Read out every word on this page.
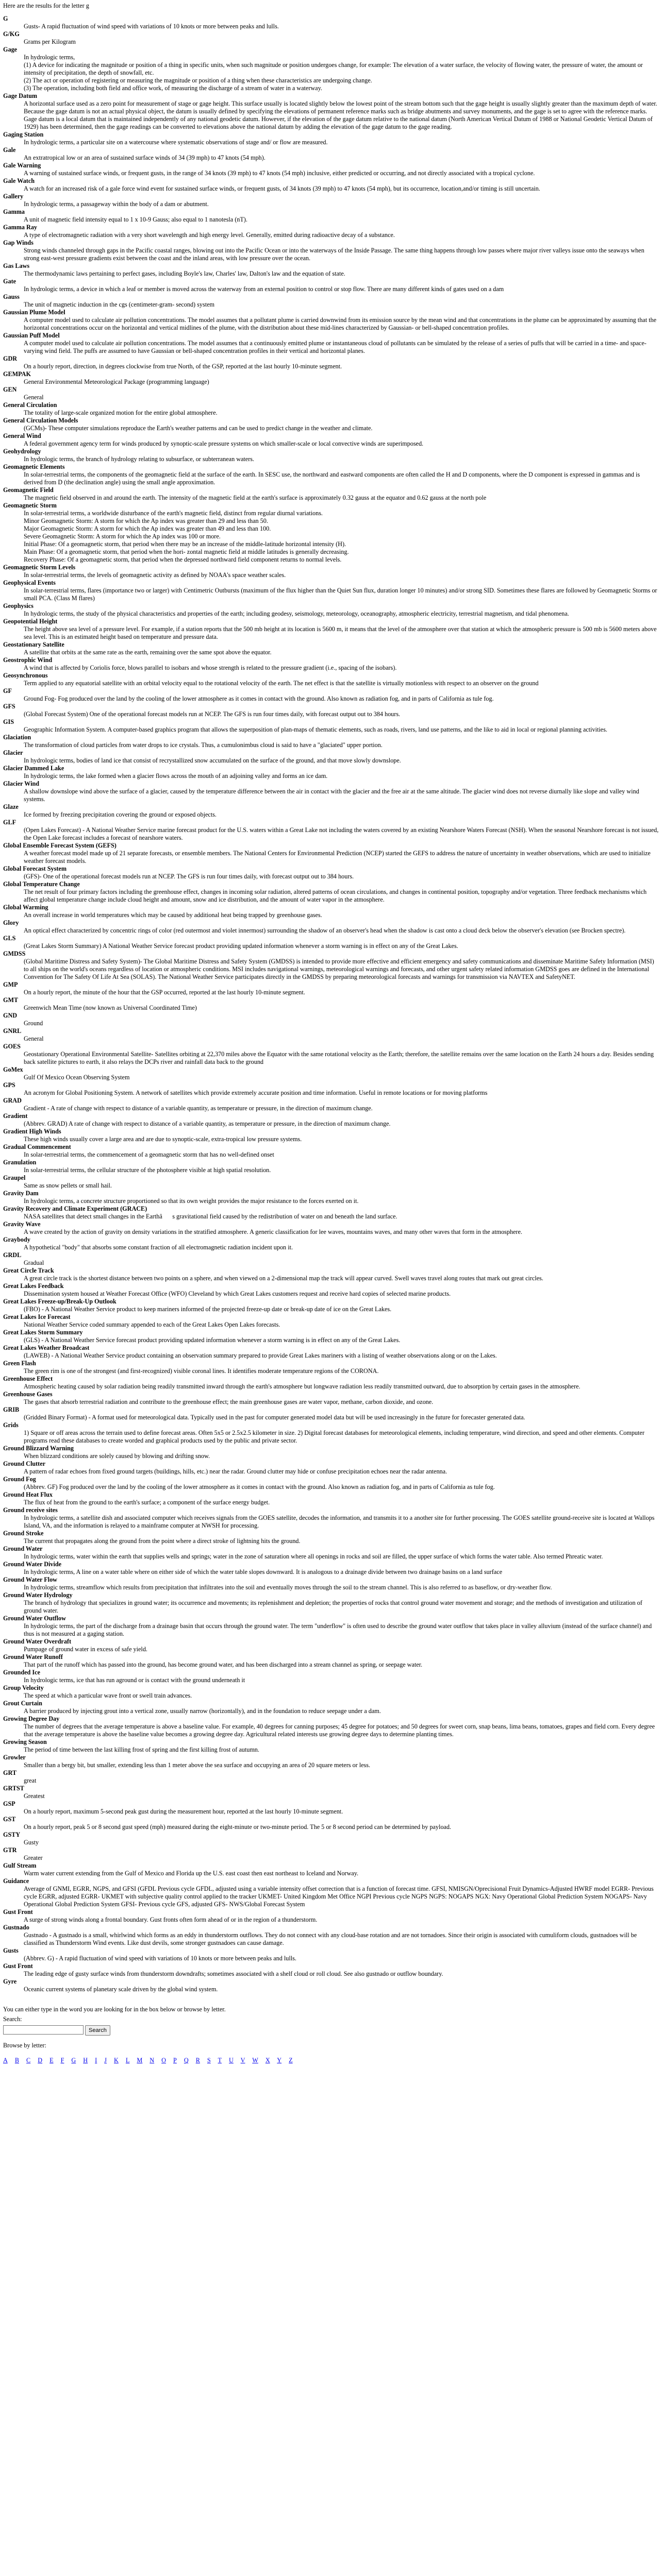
Here are the results for the letter g

G
Gusts- A rapid fluctuation of wind speed with variations of 10 knots or more between peaks and lulls.
G/KG
Grams per Kilogram
Gage
In hydrologic terms,
(1) A device for indicating the magnitude or position of a thing in specific units, when such magnitude or position undergoes change, for example: The elevation of a water surface, the velocity of flowing water, the pressure of water, the amount or intensity of precipitation, the depth of snowfall, etc.
(2) The act or operation of registering or measuring the magnitude or position of a thing when these characteristics are undergoing change.
(3) The operation, including both field and office work, of measuring the discharge of a stream of water in a waterway.
Gage Datum
A horizontal surface used as a zero point for measurement of stage or gage height. This surface usually is located slightly below the lowest point of the stream bottom such that the gage height is usually slightly greater than the maximum depth of water. Because the gage datum is not an actual physical object, the datum is usually defined by specifying the elevations of permanent reference marks such as bridge abutments and survey monuments, and the gage is set to agree with the reference marks. Gage datum is a local datum that is maintained independently of any national geodetic datum. However, if the elevation of the gage datum relative to the national datum (North American Vertical Datum of 1988 or National Geodetic Vertical Datum of 1929) has been determined, then the gage readings can be converted to elevations above the national datum by adding the elevation of the gage datum to the gage reading.
Gaging Station
In hydrologic terms, a particular site on a watercourse where systematic observations of stage and/ or flow are measured.
Gale
An extratropical low or an area of sustained surface winds of 34 (39 mph) to 47 knots (54 mph).
Gale Warning
A warning of sustained surface winds, or frequent gusts, in the range of 34 knots (39 mph) to 47 knots (54 mph) inclusive, either predicted or occurring, and not directly associated with a tropical cyclone.
Gale Watch
A watch for an increased risk of a gale force wind event for sustained surface winds, or frequent gusts, of 34 knots (39 mph) to 47 knots (54 mph), but its occurrence, location,and/or timing is still uncertain.
Gallery
In hydrologic terms, a passageway within the body of a dam or abutment.
Gamma
A unit of magnetic field intensity equal to 1 x 10-9 Gauss; also equal to 1 nanotesla (nT).
Gamma Ray
A type of electromagnetic radiation with a very short wavelength and high energy level. Generally, emitted during radioactive decay of a substance.
Gap Winds
Strong winds channeled through gaps in the Pacific coastal ranges, blowing out into the Pacific Ocean or into the waterways of the Inside Passage. The same thing happens through low passes where major river valleys issue onto the seaways when strong east-west pressure gradients exist between the coast and the inland areas, with low pressure over the ocean.
Gas Laws
The thermodynamic laws pertaining to perfect gases, including Boyle's law, Charles' law, Dalton's law and the equation of state.
Gate
In hydrologic terms, a device in which a leaf or member is moved across the waterway from an external position to control or stop flow. There are many different kinds of gates used on a dam
Gauss
The unit of magnetic induction in the cgs (centimeter-gram- second) system
Gaussian Plume Model
A computer model used to calculate air pollution concentrations. The model assumes that a pollutant plume is carried downwind from its emission source by the mean wind and that concentrations in the plume can be approximated by assuming that the horizontal concentrations occur on the horizontal and vertical midlines of the plume, with the distribution about these mid-lines characterized by Gaussian- or bell-shaped concentration profiles.
Gaussian Puff Model
A computer model used to calculate air pollution concentrations. The model assumes that a continuously emitted plume or instantaneous cloud of pollutants can be simulated by the release of a series of puffs that will be carried in a time- and space-varying wind field. The puffs are assumed to have Gaussian or bell-shaped concentration profiles in their vertical and horizontal planes.
GDR
On a hourly report, direction, in degrees clockwise from true North, of the GSP, reported at the last hourly 10-minute segment.
GEMPAK
General Environmental Meteorological Package (programming language)
GEN
General
General Circulation
The totality of large-scale organized motion for the entire global atmosphere.
General Circulation Models
(GCMs)- These computer simulations reproduce the Earth's weather patterns and can be used to predict change in the weather and climate.
General Wind
A federal government agency term for winds produced by synoptic-scale pressure systems on which smaller-scale or local convective winds are superimposed.
Geohydrology
In hydrologic terms, the branch of hydrology relating to subsurface, or subterranean waters.
Geomagnetic Elements
In solar-terrestrial terms, the components of the geomagnetic field at the surface of the earth. In SESC use, the northward and eastward components are often called the H and D components, where the D component is expressed in gammas and is derived from D (the declination angle) using the small angle approximation.
Geomagnetic Field
The magnetic field observed in and around the earth. The intensity of the magnetic field at the earth's surface is approximately 0.32 gauss at the equator and 0.62 gauss at the north pole
Geomagnetic Storm
In solar-terrestrial terms, a worldwide disturbance of the earth's magnetic field, distinct from regular diurnal variations.
Minor Geomagnetic Storm: A storm for which the Ap index was greater than 29 and less than 50.
Major Geomagnetic Storm: A storm for which the Ap index was greater than 49 and less than 100.
Severe Geomagnetic Storm: A storm for which the Ap index was 100 or more.
Initial Phase: Of a geomagnetic storm, that period when there may be an increase of the middle-latitude horizontal intensity (H).
Main Phase: Of a geomagnetic storm, that period when the hori- zontal magnetic field at middle latitudes is generally decreasing.
Recovery Phase: Of a geomagnetic storm, that period when the depressed northward field component returns to normal levels.
Geomagnetic Storm Levels
In solar-terrestrial terms, the levels of geomagnetic activity as defined by NOAA's space weather scales.
Geophysical Events
In solar-terrestrial terms, flares (importance two or larger) with Centimetric Outbursts (maximum of the flux higher than the Quiet Sun flux, duration longer 10 minutes) and/or strong SID. Sometimes these flares are followed by Geomagnetic Storms or small PCA. (Class M flares)
Geophysics
In hydrologic terms, the study of the physical characteristics and properties of the earth; including geodesy, seismology, meteorology, oceanography, atmospheric electricity, terrestrial magnetism, and tidal phenomena.
Geopotential Height
The height above sea level of a pressure level. For example, if a station reports that the 500 mb height at its location is 5600 m, it means that the level of the atmosphere over that station at which the atmospheric pressure is 500 mb is 5600 meters above sea level. This is an estimated height based on temperature and pressure data.
Geostationary Satellite
A satellite that orbits at the same rate as the earth, remaining over the same spot above the equator.
Geostrophic Wind
A wind that is affected by Coriolis force, blows parallel to isobars and whose strength is related to the pressure gradient (i.e., spacing of the isobars).
Geosynchronous
Term applied to any equatorial satellite with an orbital velocity equal to the rotational velocity of the earth. The net effect is that the satellite is virtually motionless with respect to an observer on the ground
GF
Ground Fog- Fog produced over the land by the cooling of the lower atmosphere as it comes in contact with the ground. Also known as radiation fog, and in parts of California as tule fog.
GFS
(Global Forecast System) One of the operational forecast models run at NCEP. The GFS is run four times daily, with forecast output out to 384 hours.
GIS
Geographic Information System. A computer-based graphics program that allows the superposition of plan-maps of thematic elements, such as roads, rivers, land use patterns, and the like to aid in local or regional planning activities.
Glaciation
The transformation of cloud particles from water drops to ice crystals. Thus, a cumulonimbus cloud is said to have a "glaciated" upper portion.
Glacier
In hydrologic terms, bodies of land ice that consist of recrystallized snow accumulated on the surface of the ground, and that move slowly downslope.
Glacier Dammed Lake
In hydrologic terms, the lake formed when a glacier flows across the mouth of an adjoining valley and forms an ice dam.
Glacier Wind
A shallow downslope wind above the surface of a glacier, caused by the temperature difference between the air in contact with the glacier and the free air at the same altitude. The glacier wind does not reverse diurnally like slope and valley wind systems.
Glaze
Ice formed by freezing precipitation covering the ground or exposed objects.
GLF
(Open Lakes Forecast) - A National Weather Service marine forecast product for the U.S. waters within a Great Lake not including the waters covered by an existing Nearshore Waters Forecast (NSH). When the seasonal Nearshore forecast is not issued, the Open Lake forecast includes a forecast of nearshore waters.
Global Ensemble Forecast System (GEFS)
A weather forecast model made up of 21 separate forecasts, or ensemble members. The National Centers for Environmental Prediction (NCEP) started the GEFS to address the nature of uncertainty in weather observations, which are used to initialize weather forecast models.
Global Forecast System
(GFS)- One of the operational forecast models run at NCEP. The GFS is run four times daily, with forecast output out to 384 hours.
Global Temperature Change
The net result of four primary factors including the greenhouse effect, changes in incoming solar radiation, altered patterns of ocean circulations, and changes in continental position, topography and/or vegetation. Three feedback mechanisms which affect global temperature change include cloud height and amount, snow and ice distribution, and the amount of water vapor in the atmosphere.
Global Warming
An overall increase in world temperatures which may be caused by additional heat being trapped by greenhouse gases.
Glory
An optical effect characterized by concentric rings of color (red outermost and violet innermost) surrounding the shadow of an observer's head when the shadow is cast onto a cloud deck below the observer's elevation (see Brocken spectre).
GLS
(Great Lakes Storm Summary) A National Weather Service forecast product providing updated information whenever a storm warning is in effect on any of the Great Lakes.
GMDSS
(Global Maritime Distress and Safety System)- The Global Maritime Distress and Safety System (GMDSS) is intended to provide more effective and efficient emergency and safety communications and disseminate Maritime Safety Information (MSI) to all ships on the world's oceans regardless of location or atmospheric conditions. MSI includes navigational warnings, meteorological warnings and forecasts, and other urgent safety related information GMDSS goes are defined in the International Convention for The Safety Of Life At Sea (SOLAS). The National Weather Service participates directly in the GMDSS by preparing meteorological forecasts and warnings for transmission via NAVTEX and SafetyNET.
GMP
On a hourly report, the minute of the hour that the GSP occurred, reported at the last hourly 10-minute segment.
GMT
Greenwich Mean Time (now known as Universal Coordinated Time)
GND
Ground
GNRL
General
GOES
Geostationary Operational Environmental Satellite- Satellites orbiting at 22,370 miles above the Equator with the same rotational velocity as the Earth; therefore, the satellite remains over the same location on the Earth 24 hours a day. Besides sending back satellite pictures to earth, it also relays the DCPs river and rainfall data back to the ground
GoMex
Gulf Of Mexico Ocean Observing System
GPS
An acronym for Global Positioning System. A network of satellites which provide extremely accurate position and time information. Useful in remote locations or for moving platforms
GRAD
Gradient - A rate of change with respect to distance of a variable quantity, as temperature or pressure, in the direction of maximum change.
Gradient
(Abbrev. GRAD) A rate of change with respect to distance of a variable quantity, as temperature or pressure, in the direction of maximum change.
Gradient High Winds
These high winds usually cover a large area and are due to synoptic-scale, extra-tropical low pressure systems.
Gradual Commencement
In solar-terrestrial terms, the commencement of a geomagnetic storm that has no well-defined onset
Granulation
In solar-terrestrial terms, the cellular structure of the photosphere visible at high spatial resolution.
Graupel
Same as snow pellets or small hail.
Gravity Dam
In hydrologic terms, a concrete structure proportioned so that its own weight provides the major resistance to the forces exerted on it.
Gravity Recovery and Climate Experiment (GRACE)
NASA satellites that detect small changes in the Earthâs gravitational field caused by the redistribution of water on and beneath the land surface.
Gravity Wave
A wave created by the action of gravity on density variations in the stratified atmosphere. A generic classification for lee waves, mountains waves, and many other waves that form in the atmosphere.
Graybody
A hypothetical "body" that absorbs some constant fraction of all electromagnetic radiation incident upon it.
GRDL
Gradual
Great Circle Track
A great circle track is the shortest distance between two points on a sphere, and when viewed on a 2-dimensional map the track will appear curved. Swell waves travel along routes that mark out great circles.
Great Lakes Feedback
Dissemination system housed at Weather Forecast Office (WFO) Cleveland by which Great Lakes customers request and receive hard copies of selected marine products.
Great Lakes Freeze-up/Break-Up Outlook
(FBO) - A National Weather Service product to keep mariners informed of the projected freeze-up date or break-up date of ice on the Great Lakes.
Great Lakes Ice Forecast
National Weather Service coded summary appended to each of the Great Lakes Open Lakes forecasts.
Great Lakes Storm Summary
(GLS) - A National Weather Service forecast product providing updated information whenever a storm warning is in effect on any of the Great Lakes.
Great Lakes Weather Broadcast
(LAWEB) - A National Weather Service product containing an observation summary prepared to provide Great Lakes mariners with a listing of weather observations along or on the Lakes.
Green Flash
The green rim is one of the strongest (and first-recognized) visible coronal lines. It identifies moderate temperature regions of the CORONA.
Greenhouse Effect
Atmospheric heating caused by solar radiation being readily transmitted inward through the earth's atmosphere but longwave radiation less readily transmitted outward, due to absorption by certain gases in the atmosphere.
Greenhouse Gases
The gases that absorb terrestrial radiation and contribute to the greenhouse effect; the main greenhouse gases are water vapor, methane, carbon dioxide, and ozone.
GRIB
(Gridded Binary Format) - A format used for meteorological data. Typically used in the past for computer generated model data but will be used increasingly in the future for forecaster generated data.
Grids
1) Square or off areas across the terrain used to define forecast areas. Often 5x5 or 2.5x2.5 kilometer in size. 2) Digital forecast databases for meteorological elements, including temperature, wind direction, and speed and other elements. Computer programs read these databases to create worded and graphical products used by the public and private sector.
Ground Blizzard Warning
When blizzard conditions are solely caused by blowing and drifting snow.
Ground Clutter
A pattern of radar echoes from fixed ground targets (buildings, hills, etc.) near the radar. Ground clutter may hide or confuse precipitation echoes near the radar antenna.
Ground Fog
(Abbrev. GF) Fog produced over the land by the cooling of the lower atmosphere as it comes in contact with the ground. Also known as radiation fog, and in parts of California as tule fog.
Ground Heat Flux
The flux of heat from the ground to the earth's surface; a component of the surface energy budget.
Ground receive sites
In hydrologic terms, a satellite dish and associated computer which receives signals from the GOES satellite, decodes the information, and transmits it to a another site for further processing. The GOES satellite ground-receive site is located at Wallops Island, VA, and the information is relayed to a mainframe computer at NWSH for processing.
Ground Stroke
The current that propagates along the ground from the point where a direct stroke of lightning hits the ground.
Ground Water
In hydrologic terms, water within the earth that supplies wells and springs; water in the zone of saturation where all openings in rocks and soil are filled, the upper surface of which forms the water table. Also termed Phreatic water.
Ground Water Divide
In hydrologic terms, A line on a water table where on either side of which the water table slopes downward. It is analogous to a drainage divide between two drainage basins on a land surface
Ground Water Flow
In hydrologic terms, streamflow which results from precipitation that infiltrates into the soil and eventually moves through the soil to the stream channel. This is also referred to as baseflow, or dry-weather flow.
Ground Water Hydrology
The branch of hydrology that specializes in ground water; its occurrence and movements; its replenishment and depletion; the properties of rocks that control ground water movement and storage; and the methods of investigation and utilization of ground water.
Ground Water Outflow
In hydrologic terms, the part of the discharge from a drainage basin that occurs through the ground water. The term "underflow" is often used to describe the ground water outflow that takes place in valley alluvium (instead of the surface channel) and thus is not measured at a gaging station.
Ground Water Overdraft
Pumpage of ground water in excess of safe yield.
Ground Water Runoff
That part of the runoff which has passed into the ground, has become ground water, and has been discharged into a stream channel as spring, or seepage water.
Grounded Ice
In hydrologic terms, ice that has run aground or is contact with the ground underneath it
Group Velocity
The speed at which a particular wave front or swell train advances.
Grout Curtain
A barrier produced by injecting grout into a vertical zone, usually narrow (horizontally), and in the foundation to reduce seepage under a dam.
Growing Degree Day
The number of degrees that the average temperature is above a baseline value. For example, 40 degrees for canning purposes; 45 degree for potatoes; and 50 degrees for sweet corn, snap beans, lima beans, tomatoes, grapes and field corn. Every degree that the average temperature is above the baseline value becomes a growing degree day. Agricultural related interests use growing degree days to determine planting times.
Growing Season
The period of time between the last killing frost of spring and the first killing frost of autumn.
Growler
Smaller than a bergy bit, but smaller, extending less than 1 meter above the sea surface and occupying an area of 20 square meters or less.
GRT
great
GRTST
Greatest
GSP
On a hourly report, maximum 5-second peak gust during the measurement hour, reported at the last hourly 10-minute segment.
GST
On a hourly report, peak 5 or 8 second gust speed (mph) measured during the eight-minute or two-minute period. The 5 or 8 second period can be determined by payload.
GSTY
Gusty
GTR
Greater
Gulf Stream
Warm water current extending from the Gulf of Mexico and Florida up the U.S. east coast then east northeast to Iceland and Norway.
Guidance
Average of GNMI, EGRR, NGPS, and GFSI (GFDL Previous cycle GFDL, adjusted using a variable intensity offset correction that is a function of forecast time. GFSI, NMISGN/Oprecisional Fruit Dynamics-Adjusted HWRF model EGRR- Previous cycle EGRR, adjusted EGRR- UKMET with subjective quality control applied to the tracker UKMET- United Kingdom Met Office NGPI Previous cycle NGPS NGPS: NOGAPS NGX: Navy Operational Global Prediction System NOGAPS- Navy Operational Global Prediction System GFSI- Previous cycle GFS, adjusted GFS- NWS/Global Forecast System
Gust Front
A surge of strong winds along a frontal boundary. Gust fronts often form ahead of or in the region of a thunderstorm.
Gustnado
Gustnado - A gustnado is a small, whirlwind which forms as an eddy in thunderstorm outflows. They do not connect with any cloud-base rotation and are not tornadoes. Since their origin is associated with cumuliform clouds, gustnadoes will be classified as Thunderstorm Wind events. Like dust devils, some stronger gustnadoes can cause damage.
Gusts
(Abbrev. G) - A rapid fluctuation of wind speed with variations of 10 knots or more between peaks and lulls.
Gust Front
The leading edge of gusty surface winds from thunderstorm downdrafts; sometimes associated with a shelf cloud or roll cloud. See also gustnado or outflow boundary.
Gyre
Oceanic current systems of planetary scale driven by the global wind system.
You can either type in the word you are looking for in the box below or browse by letter.
Search:
Search
Browse by letter:
A B C D E F G H I J K L M N O P Q R S T U V W X Y Z
